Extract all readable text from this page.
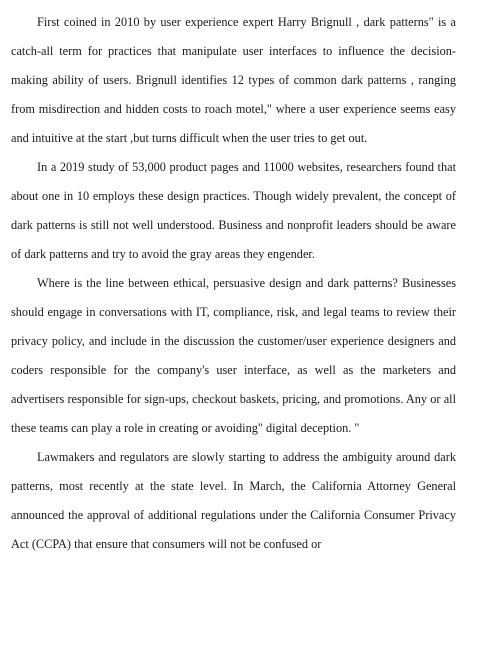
First coined in 2010 by user experience expert Harry Brignull , dark patterns" is a catch-all term for practices that manipulate user interfaces to influence the decision-making ability of users. Brignull identifies 12 types of common dark patterns , ranging from misdirection and hidden costs to roach motel," where a user experience seems easy and intuitive at the start ,but turns difficult when the user tries to get out.

In a 2019 study of 53,000 product pages and 11000 websites, researchers found that about one in 10 employs these design practices. Though widely prevalent, the concept of dark patterns is still not well understood. Business and nonprofit leaders should be aware of dark patterns and try to avoid the gray areas they engender.

Where is the line between ethical, persuasive design and dark patterns? Businesses should engage in conversations with IT, compliance, risk, and legal teams to review their privacy policy, and include in the discussion the customer/user experience designers and coders responsible for the company's user interface, as well as the marketers and advertisers responsible for sign-ups, checkout baskets, pricing, and promotions. Any or all these teams can play a role in creating or avoiding" digital deception. "

Lawmakers and regulators are slowly starting to address the ambiguity around dark patterns, most recently at the state level. In March, the California Attorney General announced the approval of additional regulations under the California Consumer Privacy Act (CCPA) that ensure that consumers will not be confused or
